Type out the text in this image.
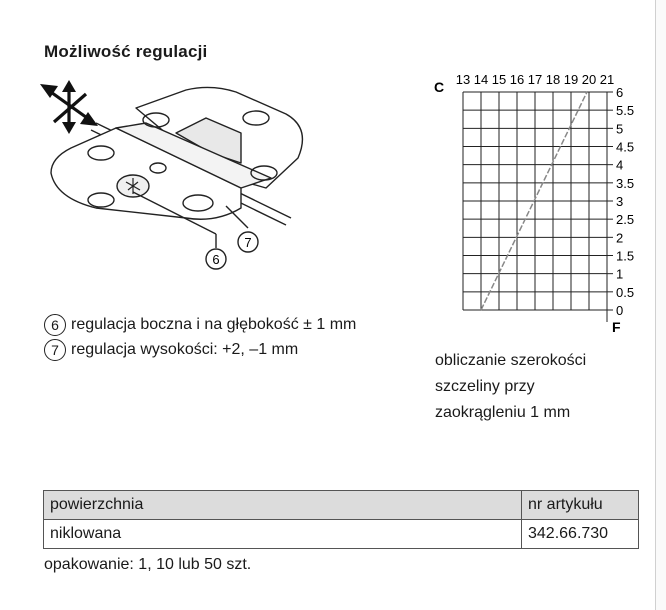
Możliwość regulacji
6
7
6 regulacja boczna i na głębokość ± 1 mm
7 regulacja wysokości: +2, –1 mm
C
F
13 14 15 16 17 18 19 20 21
6
5.5
5
4.5
4
3.5
3
2.5
2
1.5
1
0.5
0
obliczanie szerokości
szczeliny przy
zaokrągleniu 1 mm
powierzchnia	nr artykułu
niklowana	342.66.730
opakowanie: 1, 10 lub 50 szt.
